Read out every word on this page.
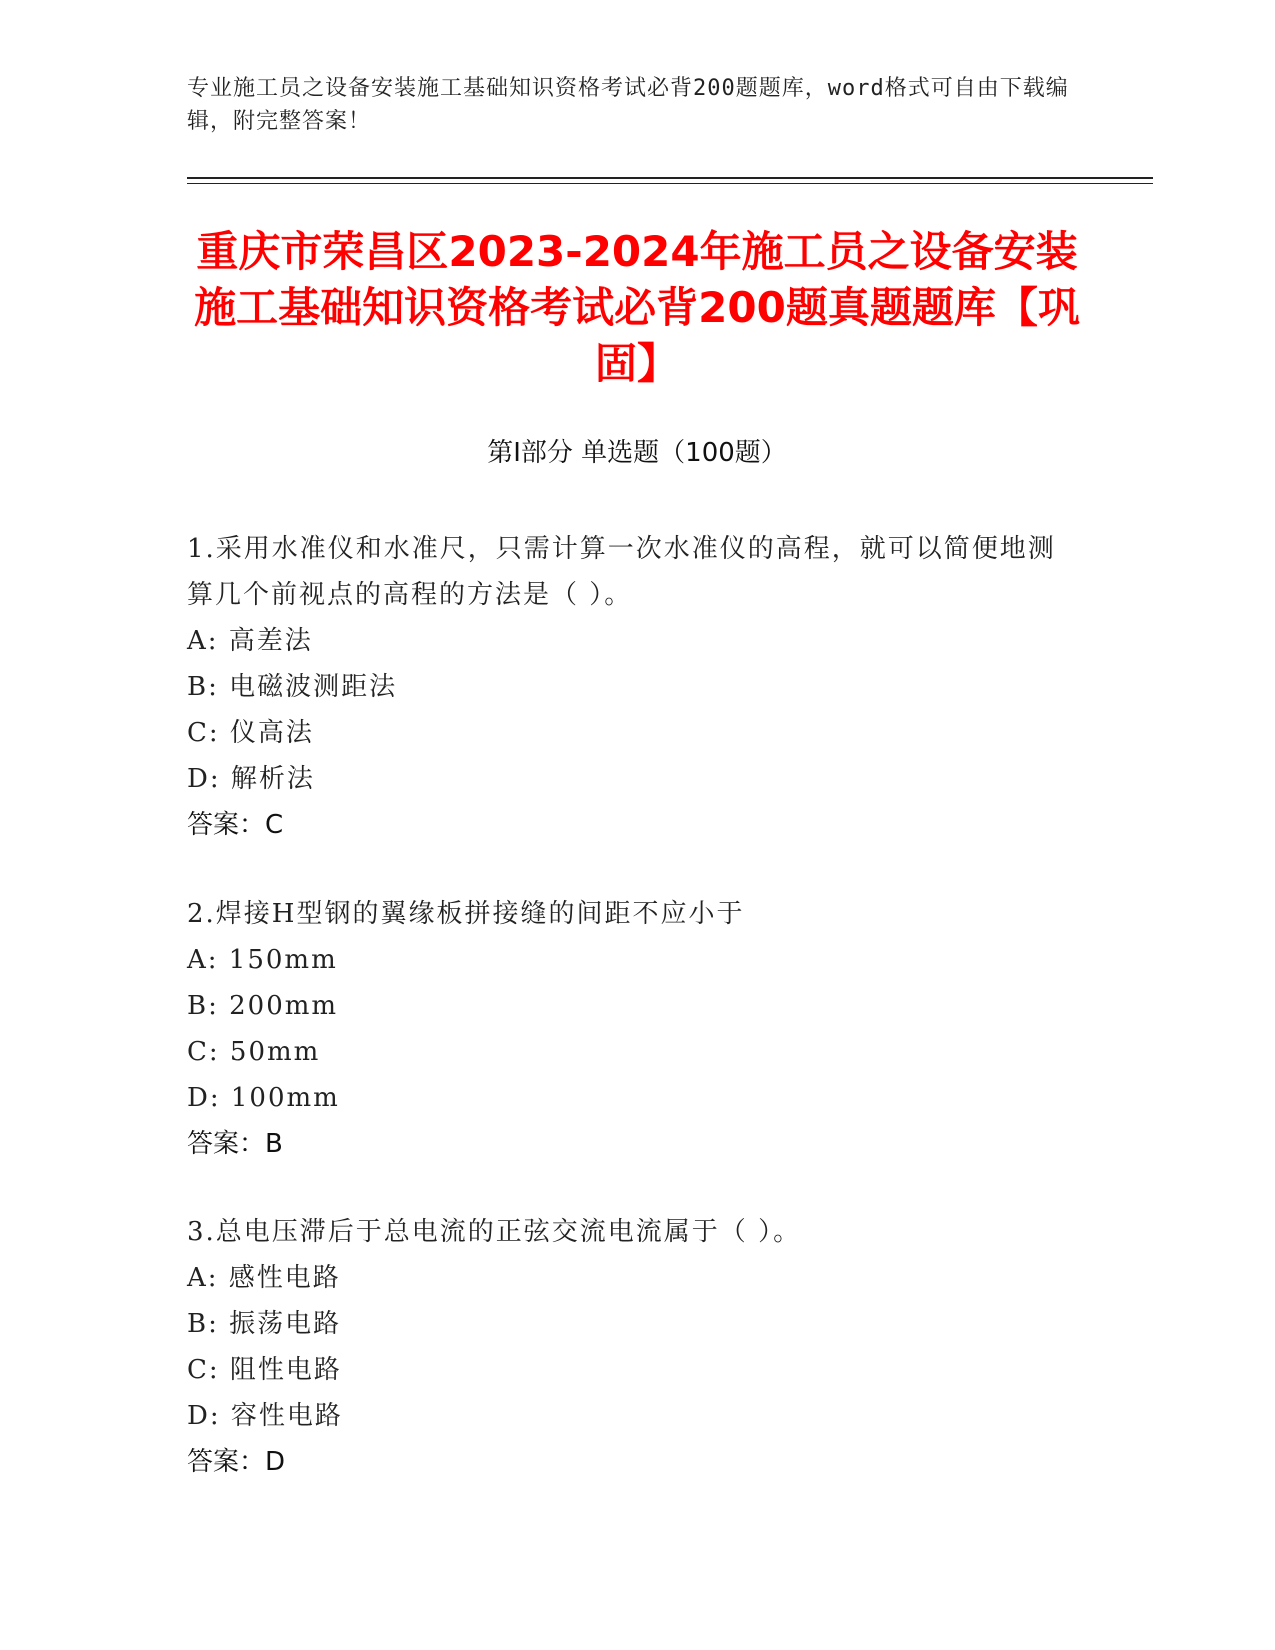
专业施工员之设备安装施工基础知识资格考试必背200题题库，word格式可自由下载编辑，附完整答案！
重庆市荣昌区2023-2024年施工员之设备安装施工基础知识资格考试必背200题真题题库【巩固】
第Ⅰ部分 单选题（100题）
1.采用水准仪和水准尺，只需计算一次水准仪的高程，就可以简便地测算几个前视点的高程的方法是（ ）。
A: 高差法
B: 电磁波测距法
C: 仪高法
D: 解析法
答案：C
2.焊接H型钢的翼缘板拼接缝的间距不应小于
A: 150mm
B: 200mm
C: 50mm
D: 100mm
答案：B
3.总电压滞后于总电流的正弦交流电流属于（ ）。
A: 感性电路
B: 振荡电路
C: 阻性电路
D: 容性电路
答案：D
